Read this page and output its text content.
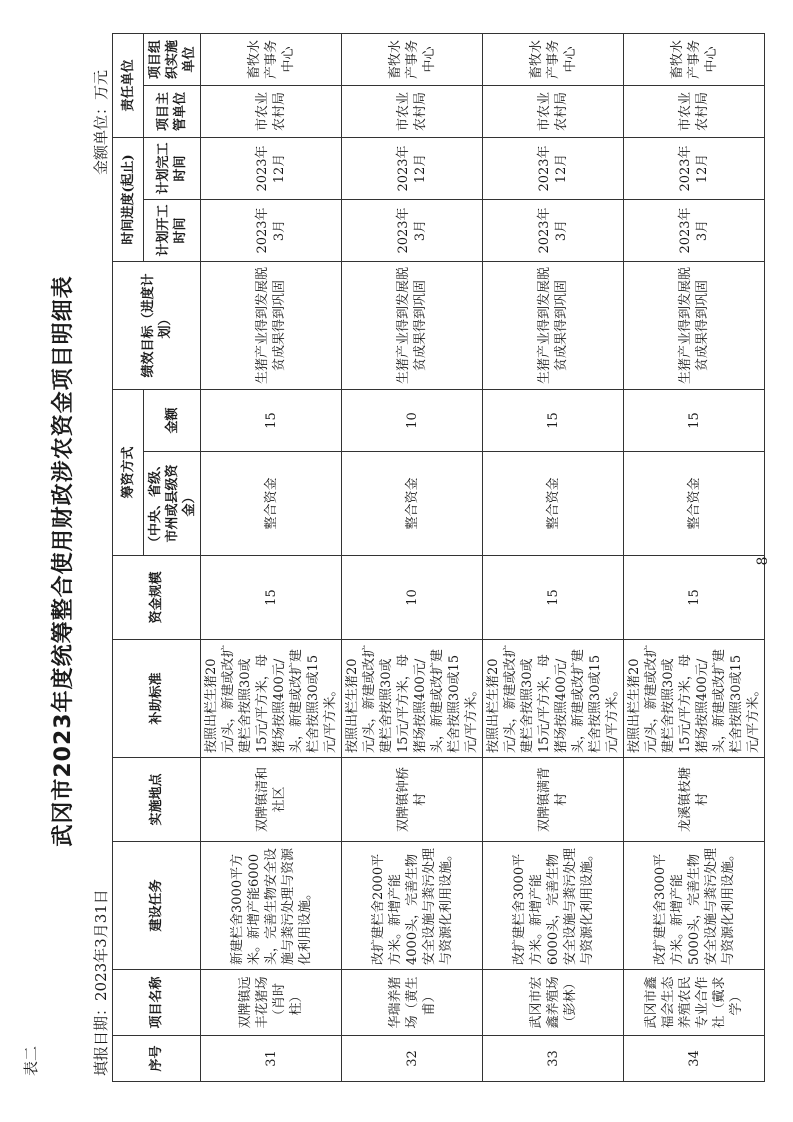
表二
武冈市2023年度统筹整合使用财政涉农资金项目明细表
填报日期：2023年3月31日
金额单位：万元
序号	项目名称	建设任务	实施地点	补助标准	资金规模	筹资方式		绩效目标（进度计划）	时间进度(起止)		责任单位	
						（中央、省级、市州或县级资金）	金额		计划开工时间	计划完工时间	项目主管单位	项目组织实施单位

31	双牌镇远丰花猪场（肖时柱）	新建栏舍3000平方米。新增产能6000头，完善生物安全设施与粪污处理与资源化利用设施。	双牌镇清和社区	按照出栏生猪20元/头，新建或改扩建栏舍按照30或15元/平方米，母猪场按照400元/头，新建或改扩建栏舍按照30或15元/平方米。	15	整合资金	15	生猪产业得到发展脱贫成果得到巩固	2023年3月	2023年12月	市农业农村局	畜牧水产事务中心
32	华瑞养猪场（黄生甫）	改扩建栏舍2000平方米。新增产能4000头，完善生物安全设施与粪污处理与资源化利用设施。	双牌镇钟桥村	按照出栏生猪20元/头，新建或改扩建栏舍按照30或15元/平方米，母猪场按照400元/头，新建或改扩建栏舍按照30或15元/平方米。	10	整合资金	10	生猪产业得到发展脱贫成果得到巩固	2023年3月	2023年12月	市农业农村局	畜牧水产事务中心
33	武冈市宏鑫养殖场（彭林）	改扩建栏舍3000平方米。新增产能6000头，完善生物安全设施与粪污处理与资源化利用设施。	双牌镇满背村	按照出栏生猪20元/头，新建或改扩建栏舍按照30或15元/平方米，母猪场按照400元/头，新建或改扩建栏舍按照30或15元/平方米。	15	整合资金	15	生猪产业得到发展脱贫成果得到巩固	2023年3月	2023年12月	市农业农村局	畜牧水产事务中心
34	武冈市鑫福会生态养殖农民专业合作社（戴求学）	改扩建栏舍3000平方米。新增产能5000头，完善生物安全设施与粪污处理与资源化利用设施。	龙溪镇枝塘村	按照出栏生猪20元/头，新建或改扩建栏舍按照30或15元/平方米，母猪场按照400元/头，新建或改扩建栏舍按照30或15元/平方米。	15	整合资金	15	生猪产业得到发展脱贫成果得到巩固	2023年3月	2023年12月	市农业农村局	畜牧水产事务中心
8
